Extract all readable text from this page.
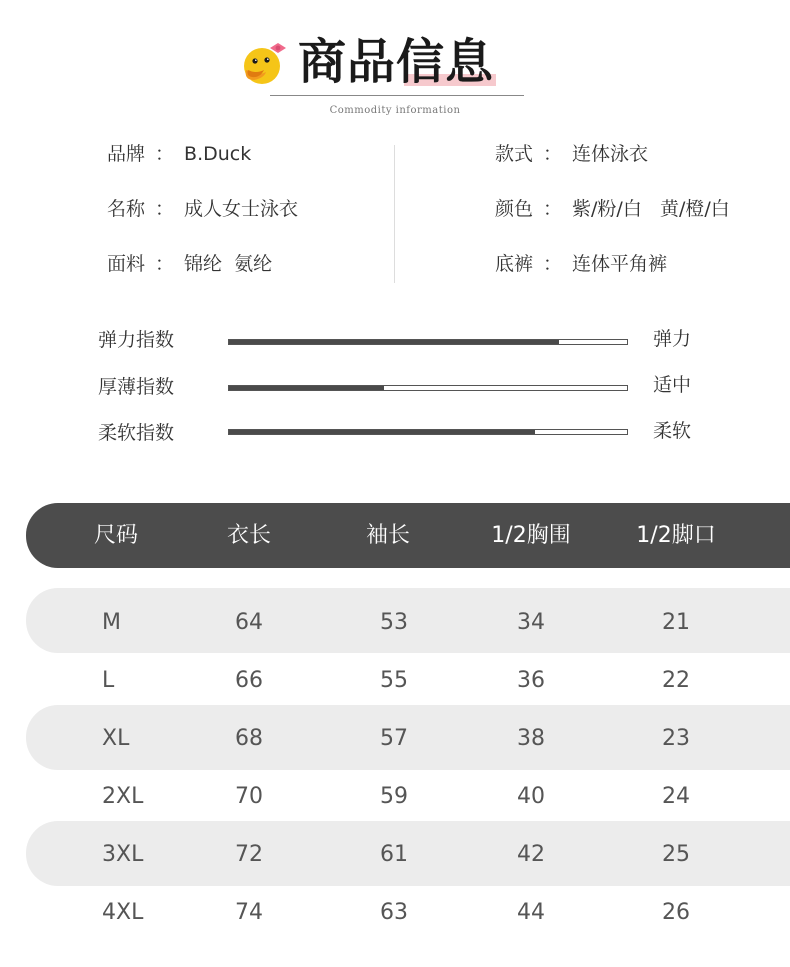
商品信息
Commodity information
品牌 ： B.Duck
名称 ： 成人女士泳衣
面料 ： 锦纶  氨纶
款式 ： 连体泳衣
颜色 ： 紫/粉/白   黄/橙/白
底裤 ： 连体平角裤
弹力指数	弹力
厚薄指数	适中
柔软指数	柔软
尺码	衣长	袖长	1/2胸围	1/2脚口
M	64	53	34	21
L	66	55	36	22
XL	68	57	38	23
2XL	70	59	40	24
3XL	72	61	42	25
4XL	74	63	44	26
